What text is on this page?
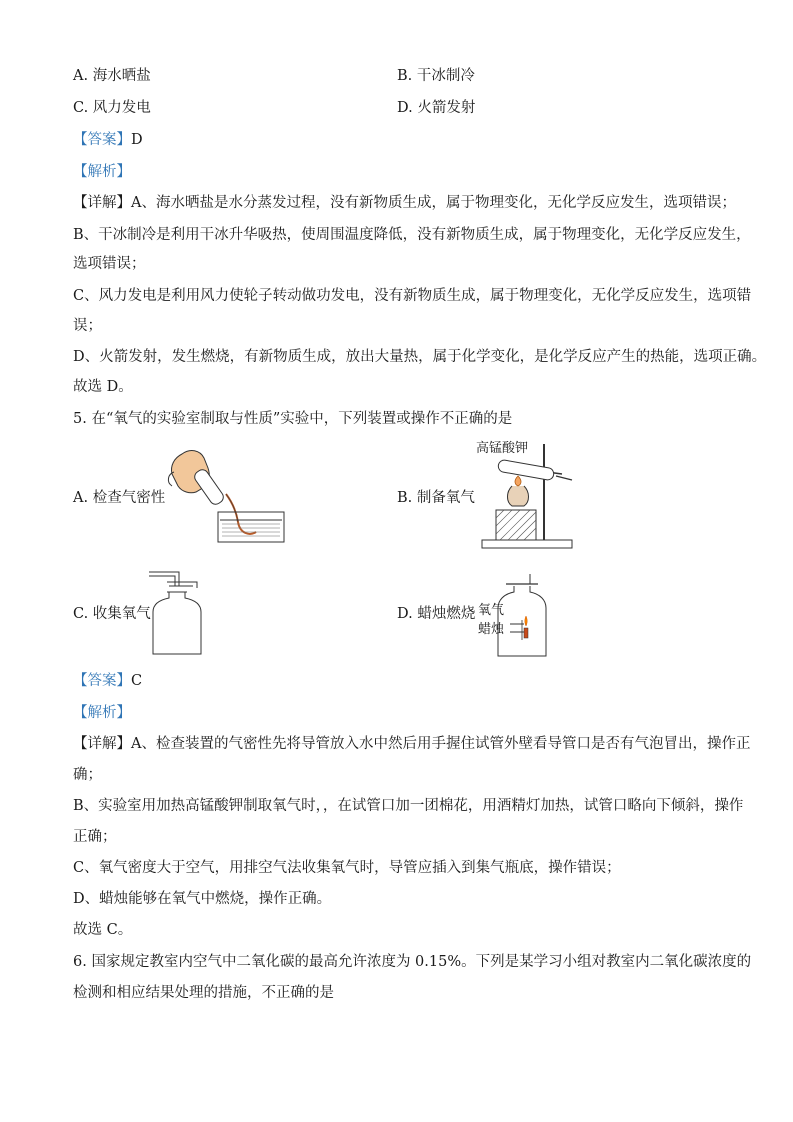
A. 海水晒盐	B. 干冰制冷
C. 风力发电	D. 火箭发射
【答案】D
【解析】
【详解】A、海水晒盐是水分蒸发过程，没有新物质生成，属于物理变化，无化学反应发生，选项错误；
B、干冰制冷是利用干冰升华吸热，使周围温度降低，没有新物质生成，属于物理变化，无化学反应发生，
选项错误；
C、风力发电是利用风力使轮子转动做功发电，没有新物质生成，属于物理变化，无化学反应发生，选项错
误；
D、火箭发射，发生燃烧，有新物质生成，放出大量热，属于化学变化，是化学反应产生的热能，选项正确。
故选 D。
5. 在“氧气的实验室制取与性质”实验中，下列装置或操作不正确的是
A. 检查气密性	B. 制备氧气
C. 收集氧气	D. 蜡烛燃烧
高锰酸钾
氧气
蜡烛
【答案】C
【解析】
【详解】A、检查装置的气密性先将导管放入水中然后用手握住试管外壁看导管口是否有气泡冒出，操作正
确；
B、实验室用加热高锰酸钾制取氧气时，，在试管口加一团棉花，用酒精灯加热，试管口略向下倾斜，操作
正确；
C、氧气密度大于空气，用排空气法收集氧气时，导管应插入到集气瓶底，操作错误；
D、蜡烛能够在氧气中燃烧，操作正确。
故选 C。
6. 国家规定教室内空气中二氧化碳的最高允许浓度为 0.15%。下列是某学习小组对教室内二氧化碳浓度的
检测和相应结果处理的措施，不正确的是
